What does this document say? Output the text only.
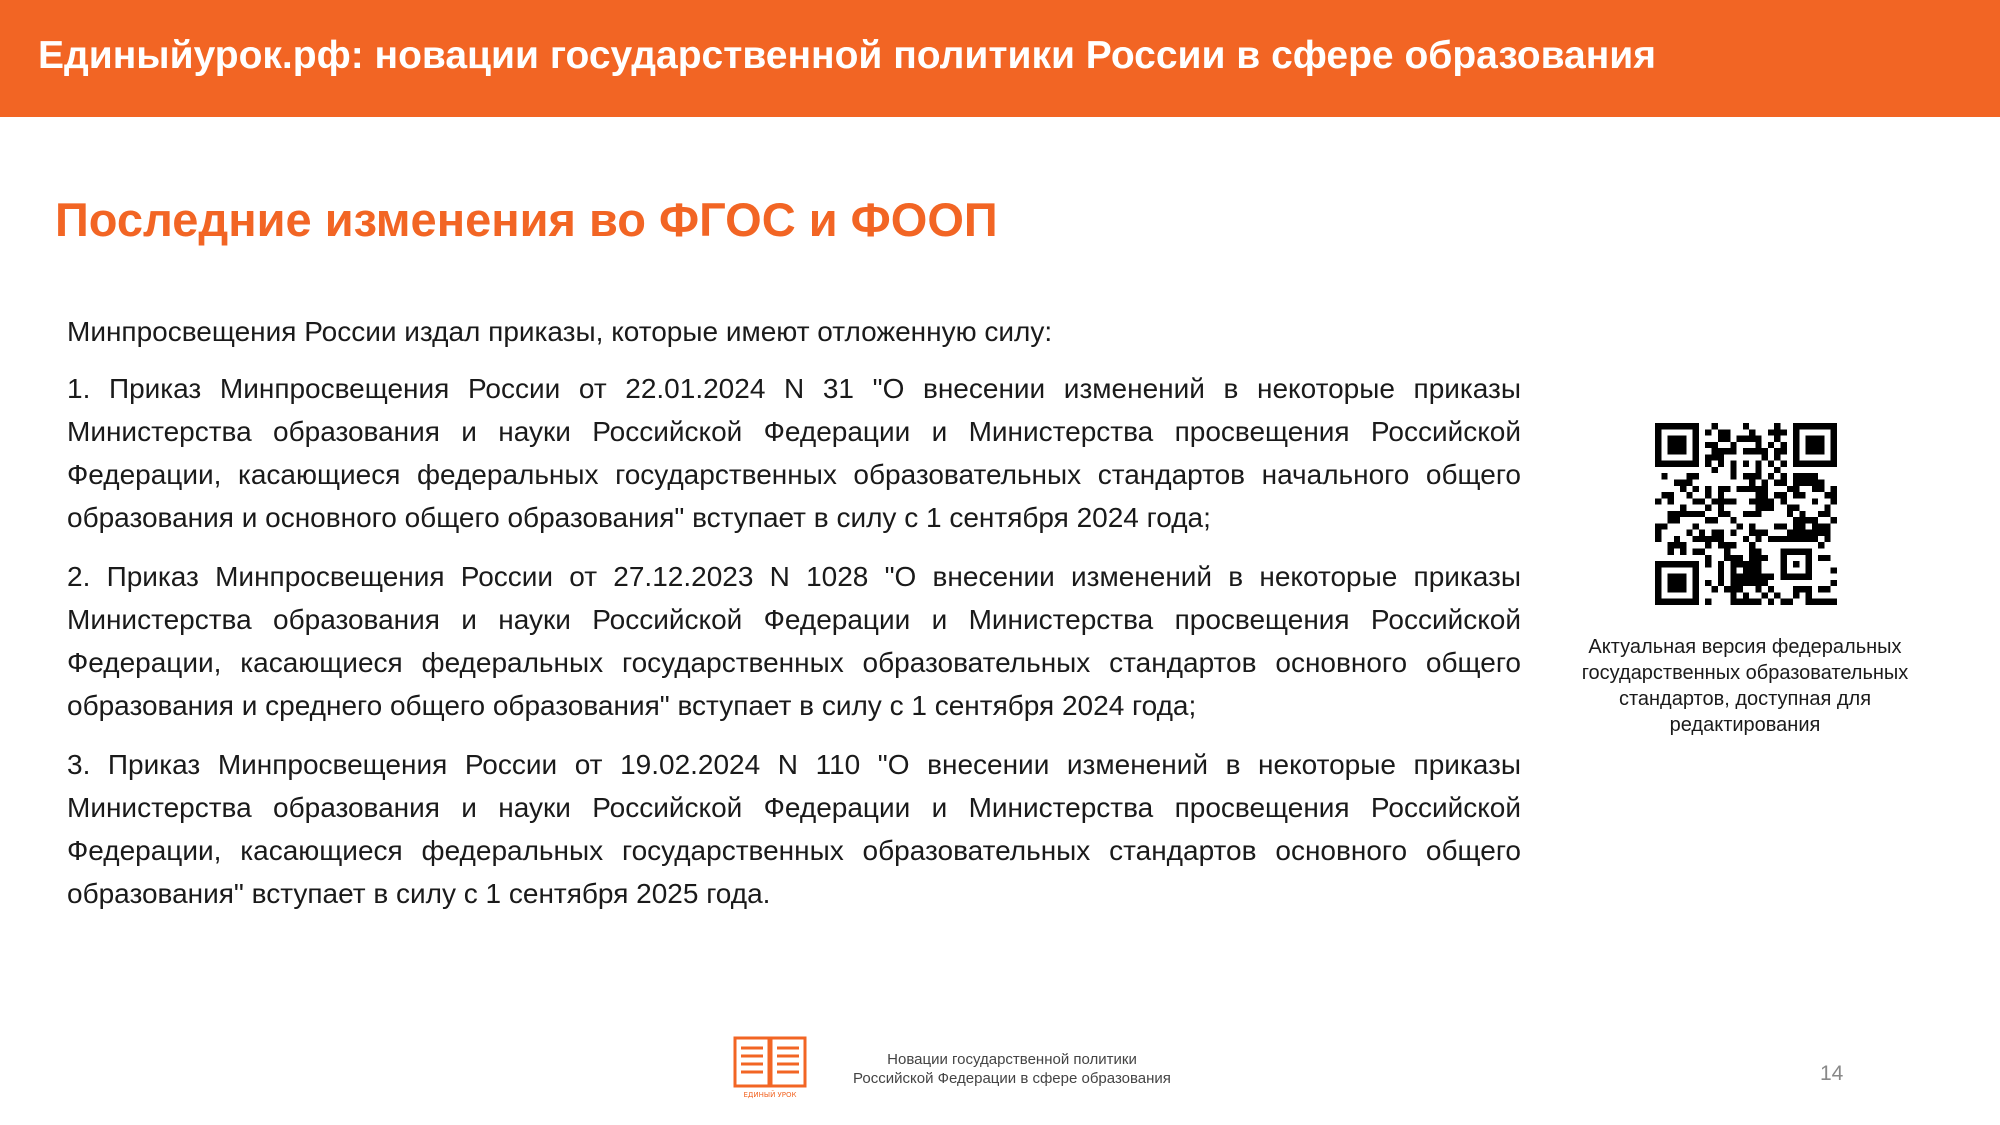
Единыйурок.рф: новации государственной политики России в сфере образования
Последние изменения во ФГОС и ФООП

Минпросвещения России издал приказы, которые имеют отложенную силу:

1. Приказ Минпросвещения России от 22.01.2024 N 31 "О внесении изменений в некоторые приказы Министерства образования и науки Российской Федерации и Министерства просвещения Российской Федерации, касающиеся федеральных государственных образовательных стандартов начального общего образования и основного общего образования" вступает в силу с 1 сентября 2024 года;

2. Приказ Минпросвещения России от 27.12.2023 N 1028 "О внесении изменений в некоторые приказы Министерства образования и науки Российской Федерации и Министерства просвещения Российской Федерации, касающиеся федеральных государственных образовательных стандартов основного общего образования и среднего общего образования" вступает в силу с 1 сентября 2024 года;

3. Приказ Минпросвещения России от 19.02.2024 N 110 "О внесении изменений в некоторые приказы Министерства образования и науки Российской Федерации и Министерства просвещения Российской Федерации, касающиеся федеральных государственных образовательных стандартов основного общего образования" вступает в силу с 1 сентября 2025 года.

Актуальная версия федеральных государственных образовательных стандартов, доступная для редактирования
ЕДИНЫЙ УРОК
Новации государственной политики
Российской Федерации в сфере образования	14
